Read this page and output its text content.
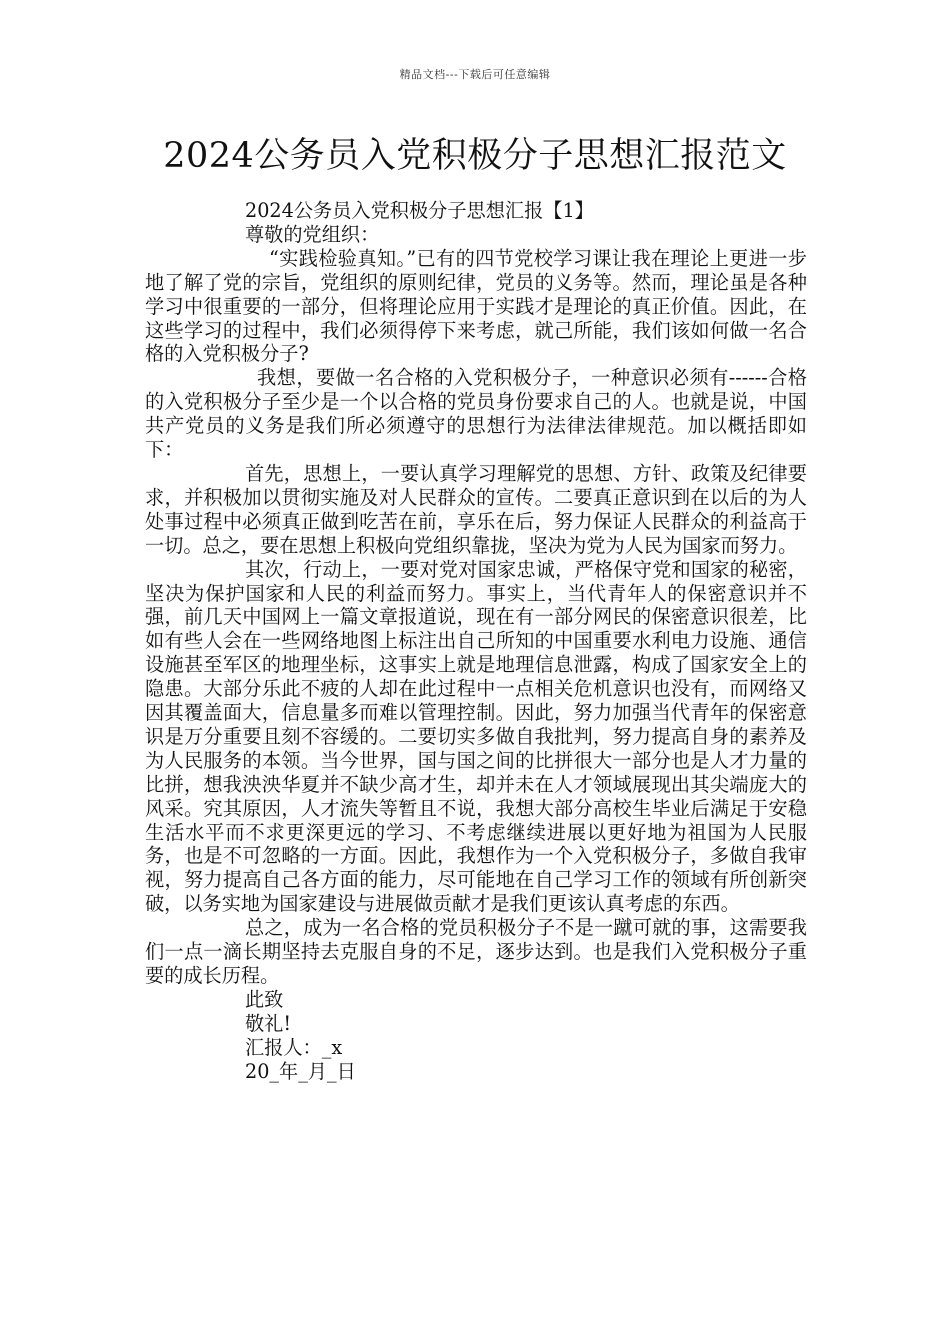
精品文档---下载后可任意编辑
2024公务员入党积极分子思想汇报范文

2024公务员入党积极分子思想汇报【1】

尊敬的党组织：

“实践检验真知。”已有的四节党校学习课让我在理论上更进一步地了解了党的宗旨，党组织的原则纪律，党员的义务等。然而，理论虽是各种学习中很重要的一部分，但将理论应用于实践才是理论的真正价值。因此，在这些学习的过程中，我们必须得停下来考虑，就己所能，我们该如何做一名合格的入党积极分子?

我想，要做一名合格的入党积极分子，一种意识必须有------合格的入党积极分子至少是一个以合格的党员身份要求自己的人。也就是说，中国共产党员的义务是我们所必须遵守的思想行为法律法律规范。加以概括即如下：

首先，思想上，一要认真学习理解党的思想、方针、政策及纪律要求，并积极加以贯彻实施及对人民群众的宣传。二要真正意识到在以后的为人处事过程中必须真正做到吃苦在前，享乐在后，努力保证人民群众的利益高于一切。总之，要在思想上积极向党组织靠拢，坚决为党为人民为国家而努力。

其次，行动上，一要对党对国家忠诚，严格保守党和国家的秘密，坚决为保护国家和人民的利益而努力。事实上，当代青年人的保密意识并不强，前几天中国网上一篇文章报道说，现在有一部分网民的保密意识很差，比如有些人会在一些网络地图上标注出自己所知的中国重要水利电力设施、通信设施甚至军区的地理坐标，这事实上就是地理信息泄露，构成了国家安全上的隐患。大部分乐此不疲的人却在此过程中一点相关危机意识也没有，而网络又因其覆盖面大，信息量多而难以管理控制。因此，努力加强当代青年的保密意识是万分重要且刻不容缓的。二要切实多做自我批判，努力提高自身的素养及为人民服务的本领。当今世界，国与国之间的比拼很大一部分也是人才力量的比拼，想我泱泱华夏并不缺少高才生，却并未在人才领域展现出其尖端庞大的风采。究其原因，人才流失等暂且不说，我想大部分高校生毕业后满足于安稳生活水平而不求更深更远的学习、不考虑继续进展以更好地为祖国为人民服务，也是不可忽略的一方面。因此，我想作为一个入党积极分子，多做自我审视，努力提高自己各方面的能力，尽可能地在自己学习工作的领域有所创新突破，以务实地为国家建设与进展做贡献才是我们更该认真考虑的东西。

总之，成为一名合格的党员积极分子不是一蹴可就的事，这需要我们一点一滴长期坚持去克服自身的不足，逐步达到。也是我们入党积极分子重要的成长历程。

此致

敬礼!

汇报人：_x

20_年_月_日
